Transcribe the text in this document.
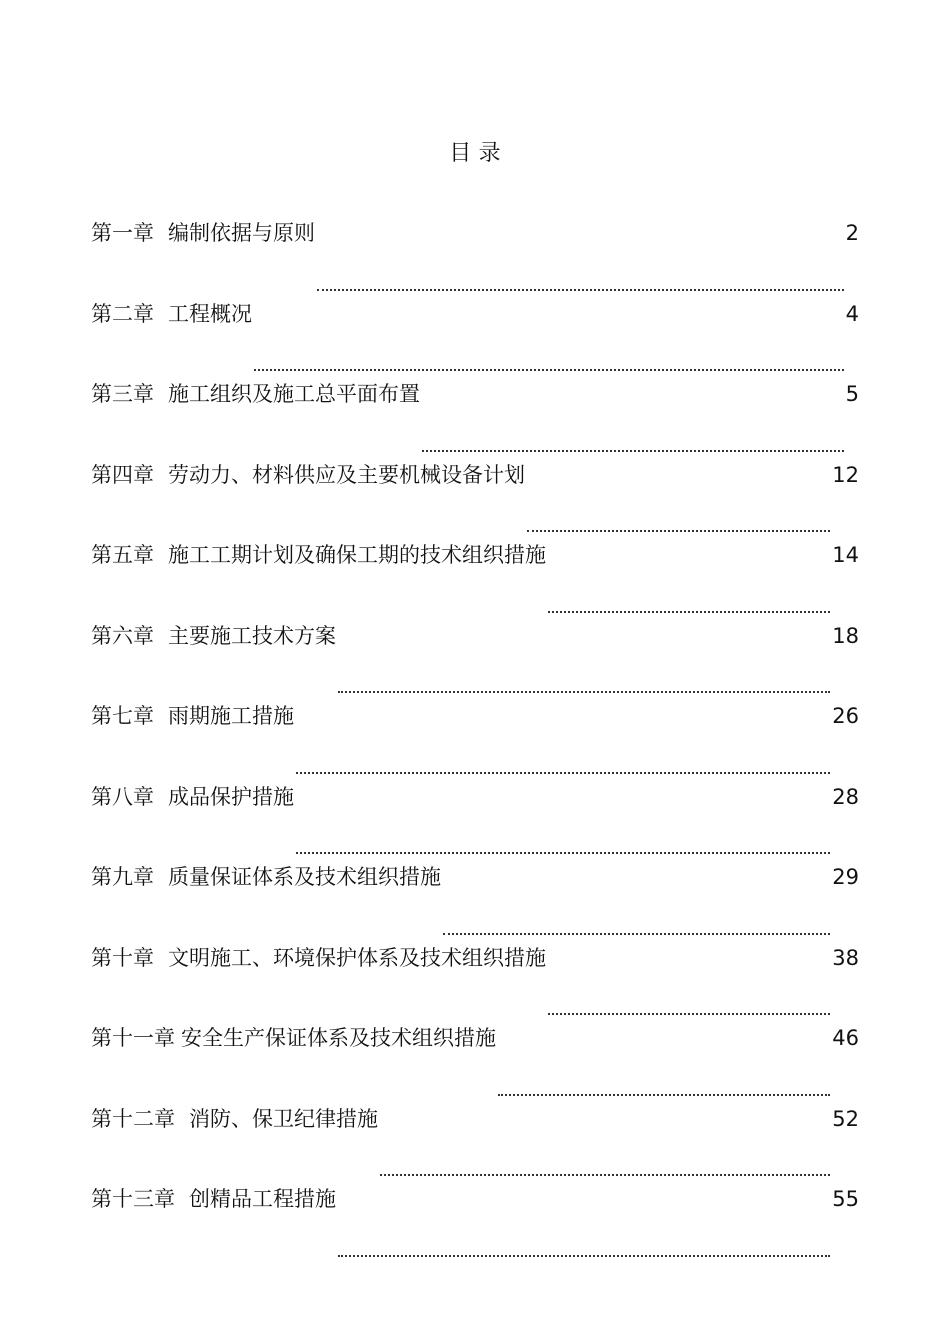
目 录
第一章 编制依据与原则	2
第二章 工程概况	4
第三章 施工组织及施工总平面布置	5
第四章 劳动力、材料供应及主要机械设备计划	12
第五章 施工工期计划及确保工期的技术组织措施	14
第六章 主要施工技术方案	18
第七章 雨期施工措施	26
第八章 成品保护措施	28
第九章 质量保证体系及技术组织措施	29
第十章 文明施工、环境保护体系及技术组织措施	38
第十一章 安全生产保证体系及技术组织措施	46
第十二章 消防、保卫纪律措施	52
第十三章 创精品工程措施	55
